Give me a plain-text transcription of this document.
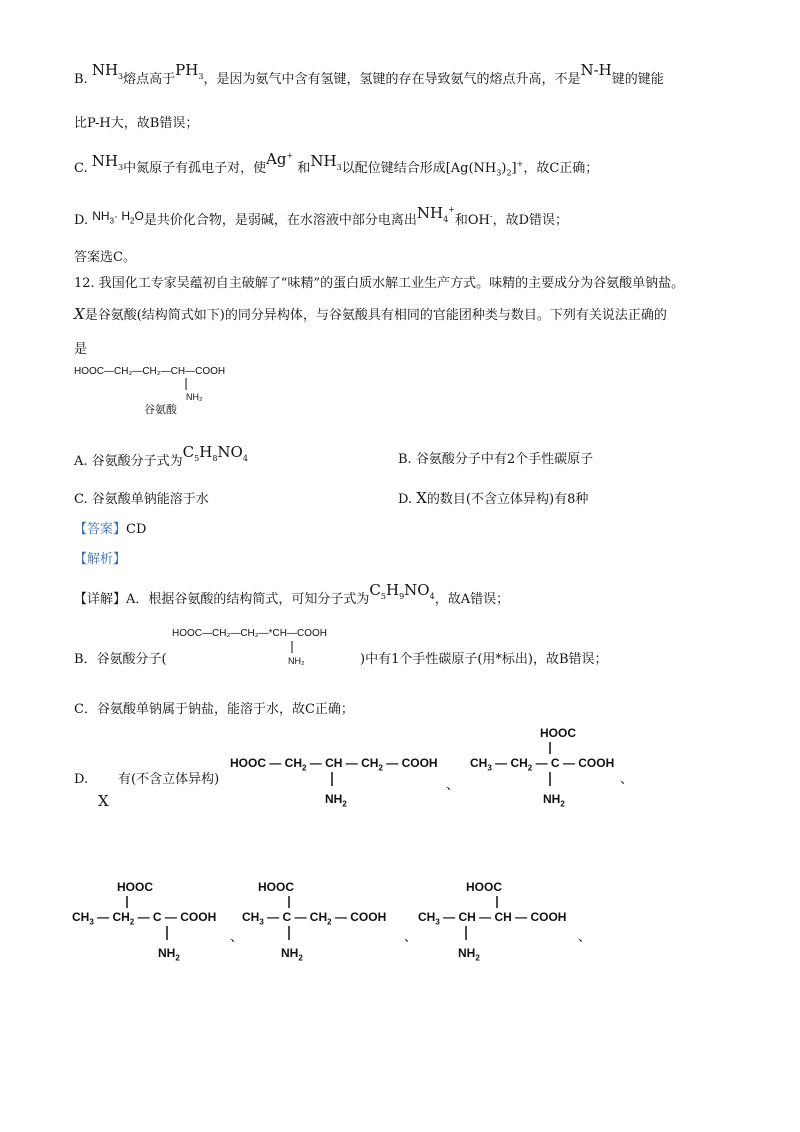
B. $NH_3$熔点高于$PH_3$，是因为氨气中含有氢键，氢键的存在导致氨气的熔点升高，不是N-H键的键能
比P-H大，故B错误；
C. $NH_3$中氮原子有孤电子对，使Ag+ 和$NH_3$以配位键结合形成$[Ag(NH_3)_2]^+$，故C正确；
D. $NH_3\cdot H_2O$是共价化合物，是弱碱，在水溶液中部分电离出$NH_4^+$和OH-，故D错误；
答案选C。
12. 我国化工专家吴蕴初自主破解了“味精”的蛋白质水解工业生产方式。味精的主要成分为谷氨酸单钠盐。
X是谷氨酸(结构简式如下)的同分异构体，与谷氨酸具有相同的官能团种类与数目。下列有关说法正确的
是
HOOC—CH₂—CH₂—CH—COOH
NH₂
谷氨酸
A. 谷氨酸分子式为$C_5H_8NO_4$	B. 谷氨酸分子中有2个手性碳原子
C. 谷氨酸单钠能溶于水	D. X的数目(不含立体异构)有8种
【答案】CD
【解析】
【详解】A．根据谷氨酸的结构简式，可知分子式为$C_5H_9NO_4$，故A错误；
HOOC—CH₂—CH₂—*CH—COOH
NH₂
B．谷氨酸分子(	)中有1个手性碳原子(用*标出)，故B错误；
C．谷氨酸单钠属于钠盐，能溶于水，故C正确；
D. 有(不含立体异构)
X
HOOC — $CH_2$ — CH — $CH_2$ — COOH
$NH_2$
、
HOOC
$CH_3$ — $CH_2$ — C — COOH
$NH_2$
、
HOOC
$CH_3$ — $CH_2$ — C — COOH
$NH_2$
、
HOOC
$CH_3$ — C — $CH_2$ — COOH
$NH_2$
、
HOOC
$CH_3$ — CH — CH — COOH
$NH_2$
、
